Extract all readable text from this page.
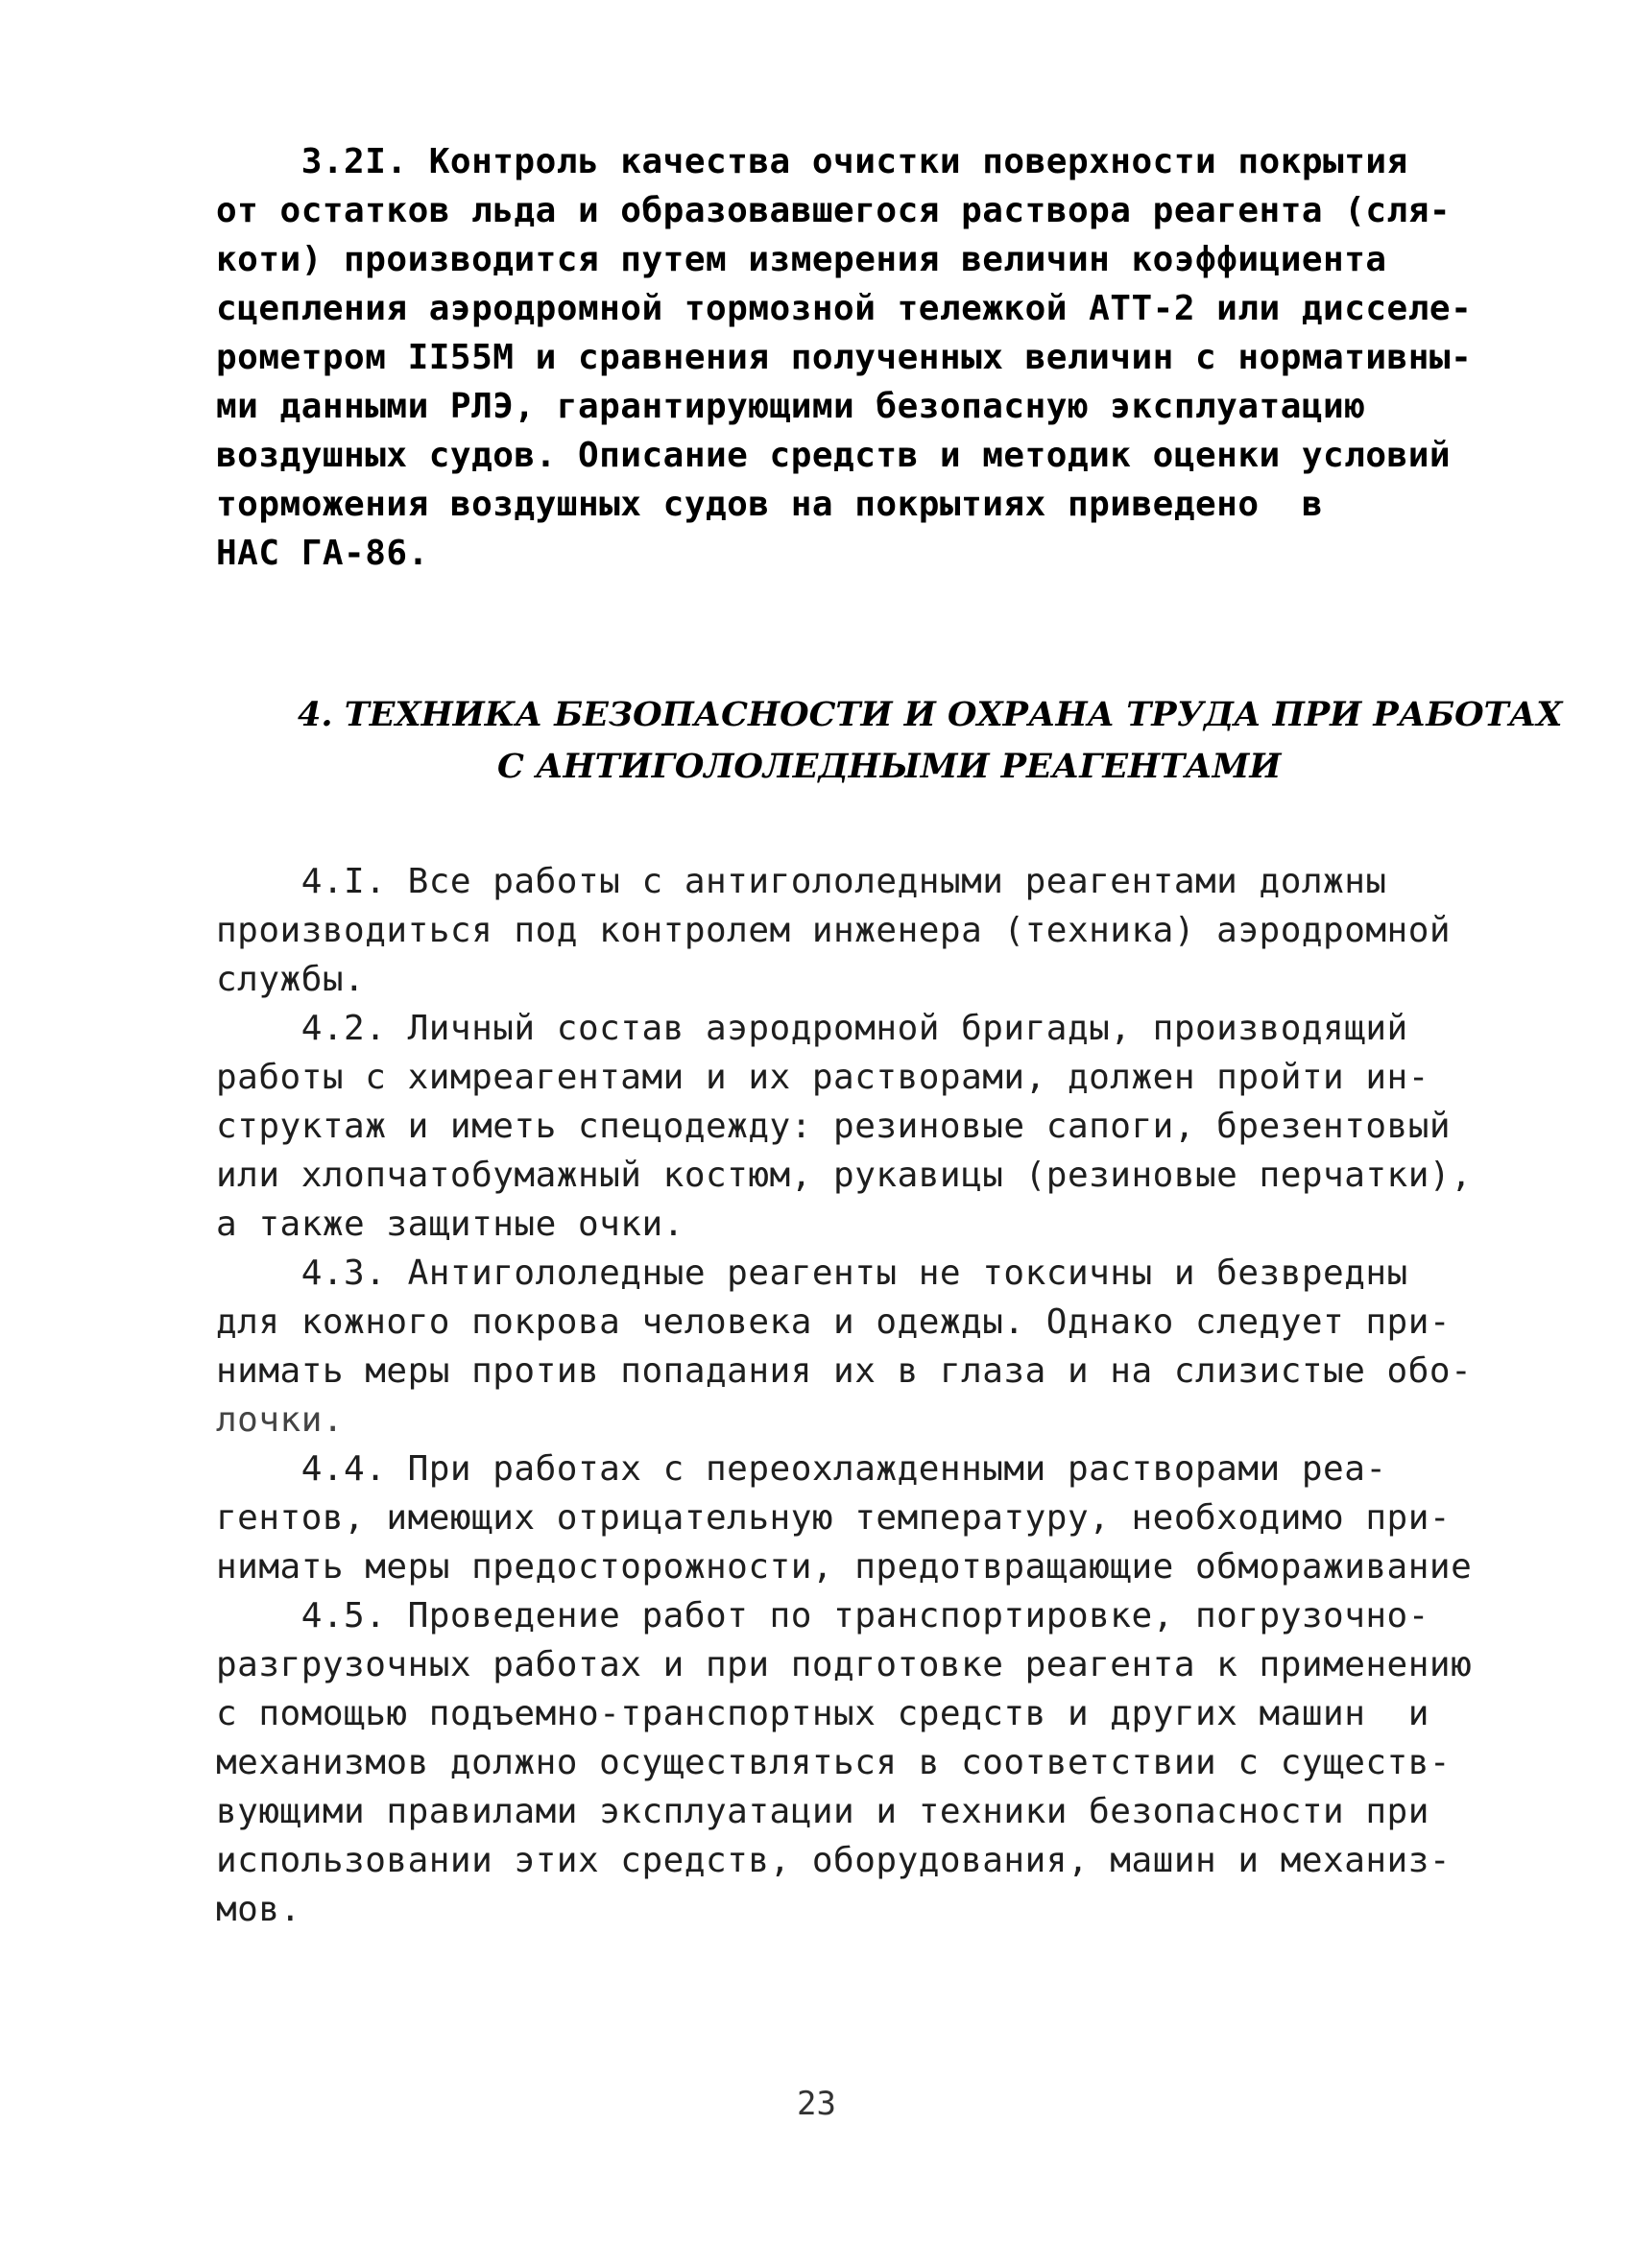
3.2I. Контроль качества очистки поверхности покрытия
от остатков льда и образовавшегося раствора реагента (сля-
коти) производится путем измерения величин коэффициента
сцепления аэродромной тормозной тележкой АТТ-2 или дисселе-
рометром II55М и сравнения полученных величин с нормативны-
ми данными РЛЭ, гарантирующими безопасную эксплуатацию
воздушных судов. Описание средств и методик оценки условий
торможения воздушных судов на покрытиях приведено  в
НАС ГА-86.
4. ТЕХНИКА БЕЗОПАСНОСТИ И ОХРАНА ТРУДА ПРИ РАБОТАХ
С АНТИГОЛОЛЕДНЫМИ РЕАГЕНТАМИ
4.I. Все работы с антигололедными реагентами должны
производиться под контролем инженера (техника) аэродромной
службы.
4.2. Личный состав аэродромной бригады, производящий
работы с химреагентами и их растворами, должен пройти ин-
структаж и иметь спецодежду: резиновые сапоги, брезентовый
или хлопчатобумажный костюм, рукавицы (резиновые перчатки),
а также защитные очки.
4.3. Антигололедные реагенты не токсичны и безвредны
для кожного покрова человека и одежды. Однако следует при-
нимать меры против попадания их в глаза и на слизистые обо-
лочки.
4.4. При работах с переохлажденными растворами реа-
гентов, имеющих отрицательную температуру, необходимо при-
нимать меры предосторожности, предотвращающие обмораживание
4.5. Проведение работ по транспортировке, погрузочно-
разгрузочных работах и при подготовке реагента к применению
с помощью подъемно-транспортных средств и других машин  и
механизмов должно осуществляться в соответствии с существ-
вующими правилами эксплуатации и техники безопасности при
использовании этих средств, оборудования, машин и механиз-
мов.
23
